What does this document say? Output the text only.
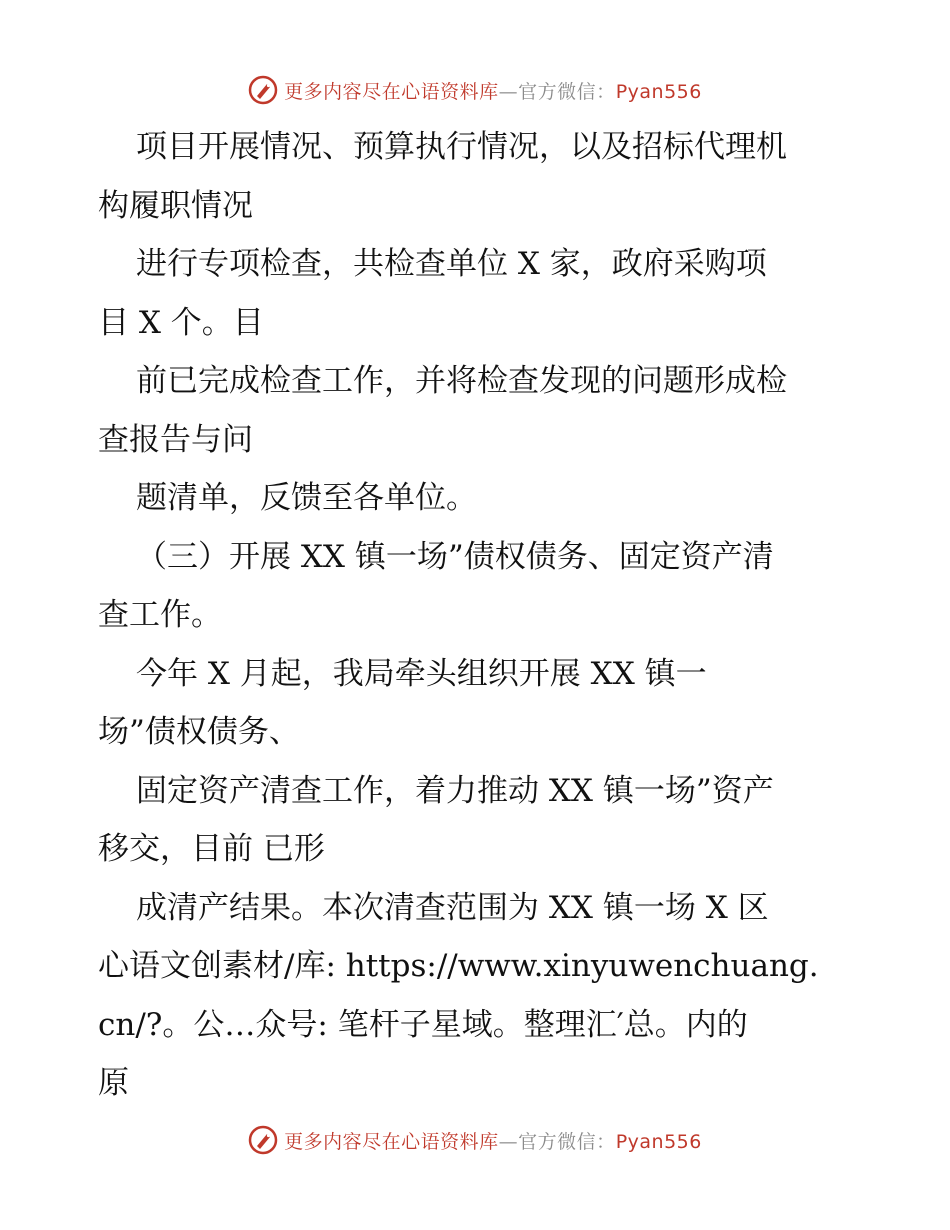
更多内容尽在心语资料库—官方微信：Pyan556
项目开展情况、预算执行情况，以及招标代理机
构履职情况
进行专项检查，共检查单位 X 家，政府采购项
目 X 个。目
前已完成检查工作，并将检查发现的问题形成检
查报告与问
题清单，反馈至各单位。
（三）开展 XX 镇一场”债权债务、固定资产清
查工作。
今年 X 月起，我局牵头组织开展 XX 镇一
场”债权债务、
固定资产清查工作，着力推动 XX 镇一场”资产
移交，目前 已形
成清产结果。本次清查范围为 XX 镇一场 X 区
心语文创素材/库: https://www.xinyuwenchuang.
cn/?。公…众号: 笔杆子星域。整理汇′总。内的
原
更多内容尽在心语资料库—官方微信：Pyan556
